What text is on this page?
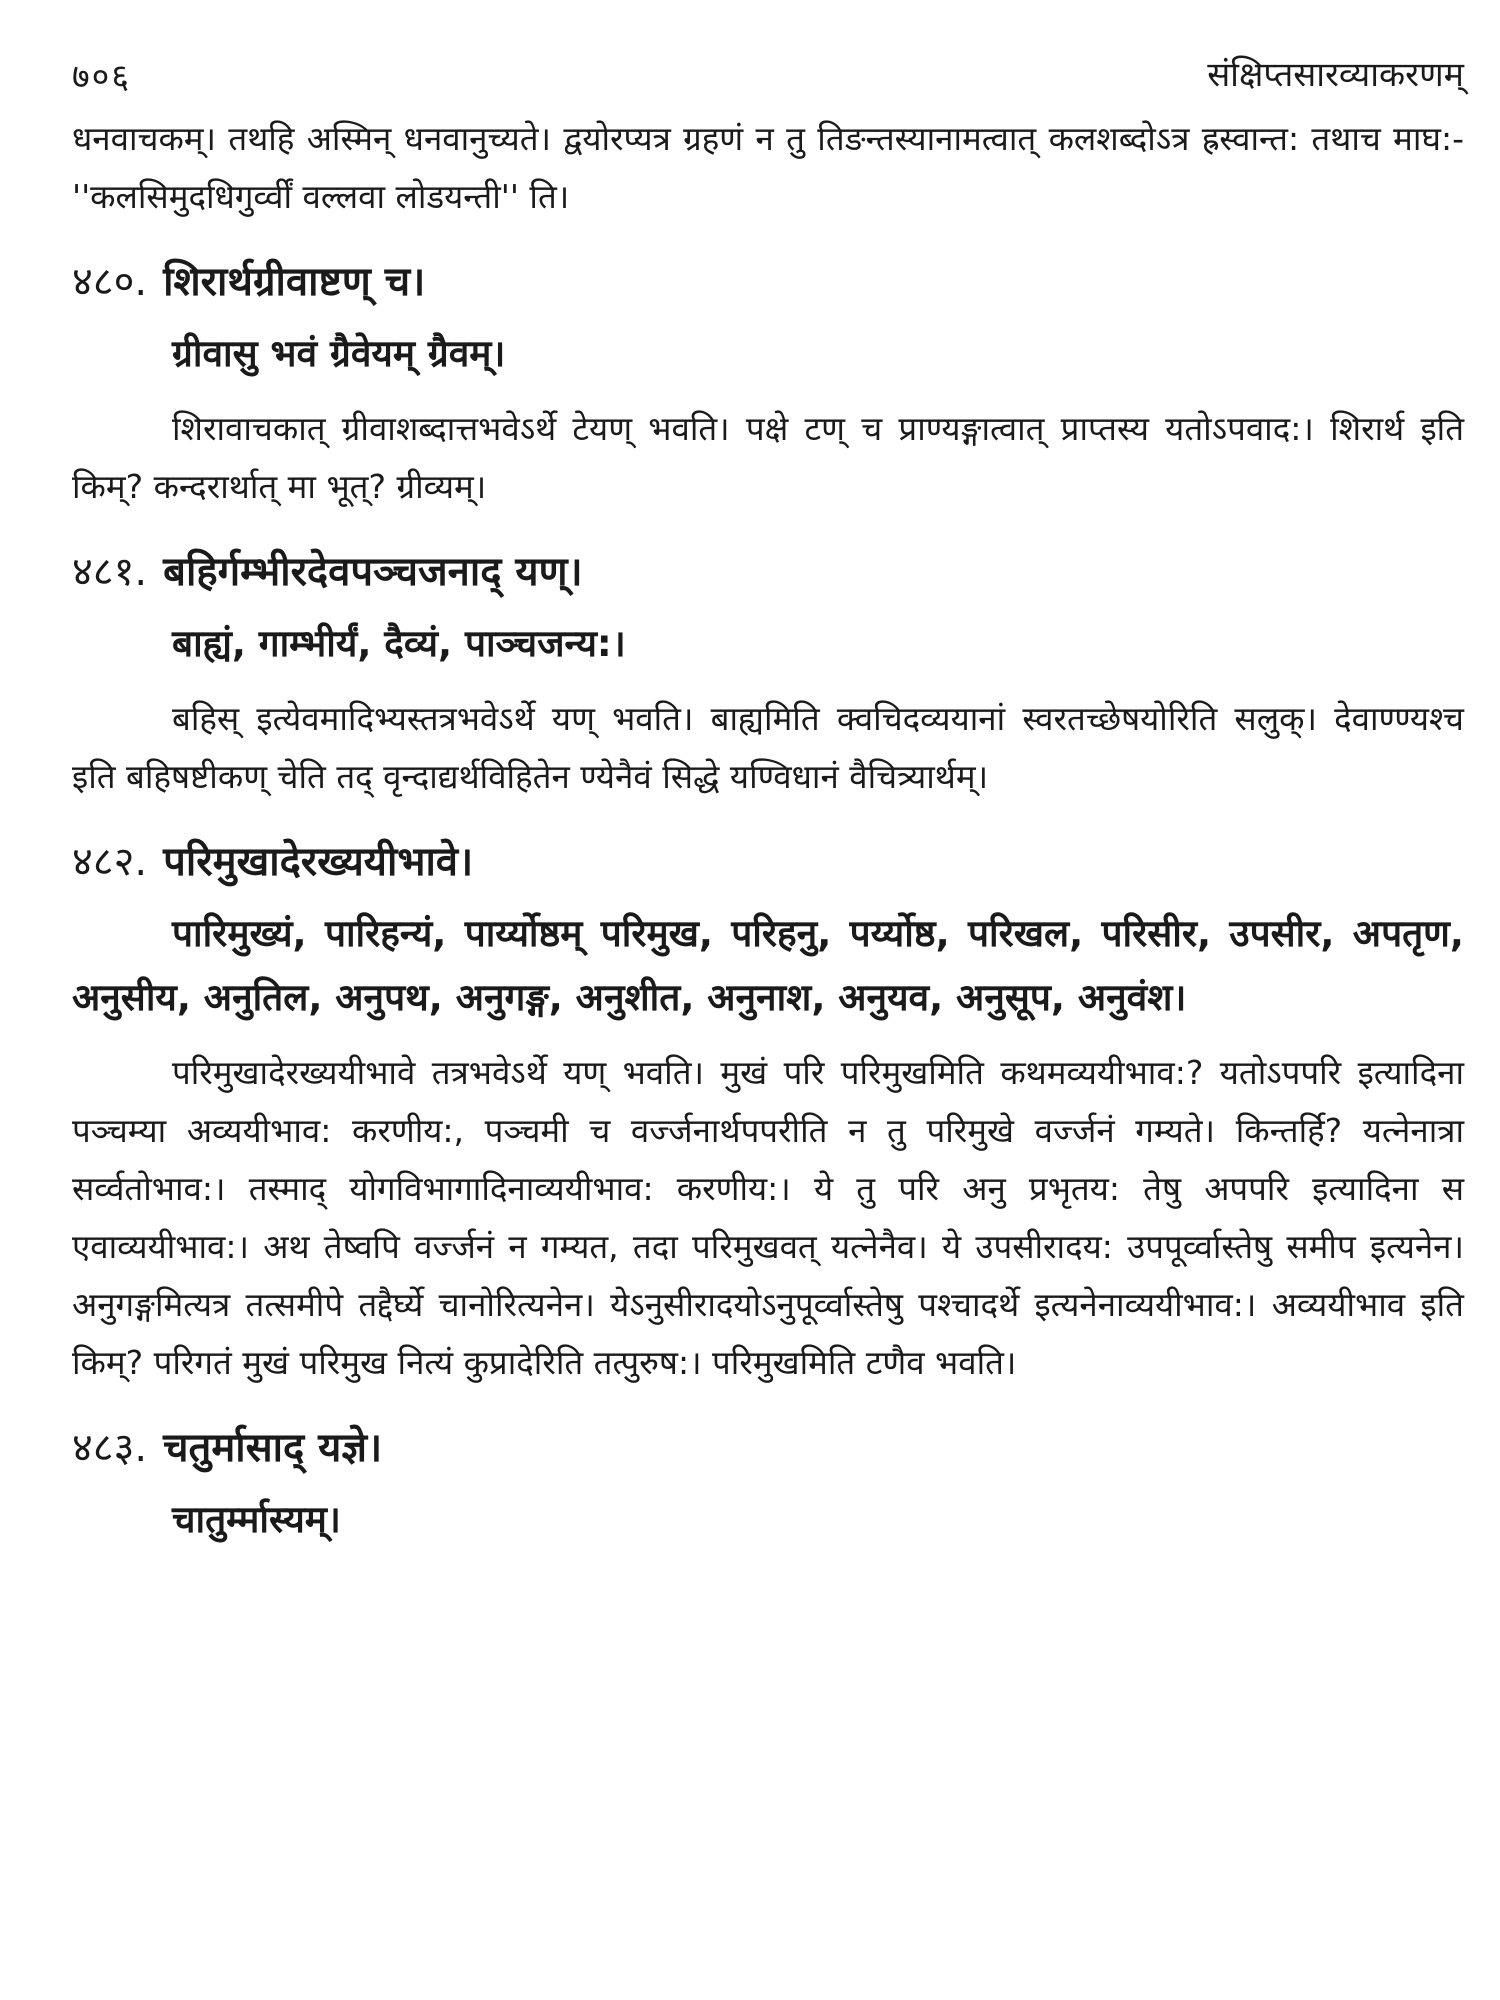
७०६	संक्षिप्तसारव्याकरणम्

धनवाचकम्। तथहि अस्मिन् धनवानुच्यते। द्वयोरप्यत्र ग्रहणं न तु तिङन्तस्यानामत्वात् कलशब्दोऽत्र ह्रस्वान्त: तथाच माघ:-''कलसिमुदधिगुर्व्वीं वल्लवा लोडयन्ती'' ति।

४८०. शिरार्थग्रीवाष्टण् च।

ग्रीवासु भवं ग्रैवेयम् ग्रैवम्।

शिरावाचकात् ग्रीवाशब्दात्तभवेऽर्थे टेयण् भवति। पक्षे टण् च प्राण्यङ्गात्वात् प्राप्तस्य यतोऽपवाद:। शिरार्थ इति किम्? कन्दरार्थात् मा भूत्? ग्रीव्यम्।

४८१. बहिर्गम्भीरदेवपञ्चजनाद् यण्।

बाह्यं, गाम्भीर्यं, दैव्यं, पाञ्चजन्य:।

बहिस् इत्येवमादिभ्यस्तत्रभवेऽर्थे यण् भवति। बाह्यमिति क्वचिदव्ययानां स्वरतच्छेषयोरिति सलुक्। देवाण्ण्यश्च इति बहिषष्टीकण् चेति तद् वृन्दाद्यर्थविहितेन ण्येनैवं सिद्धे यण्विधानं वैचित्र्यार्थम्।

४८२. परिमुखादेरख्ययीभावे।

पारिमुख्यं, पारिहन्यं, पार्य्योष्ठम् परिमुख, परिहनु, पर्य्योष्ठ, परिखल, परिसीर, उपसीर, अपतृण, अनुसीय, अनुतिल, अनुपथ, अनुगङ्ग, अनुशीत, अनुनाश, अनुयव, अनुसूप, अनुवंश।

परिमुखादेरख्ययीभावे तत्रभवेऽर्थे यण् भवति। मुखं परि परिमुखमिति कथमव्ययीभाव:? यतोऽपपरि इत्यादिना पञ्चम्या अव्ययीभाव: करणीय:, पञ्चमी च वर्ज्जनार्थपपरीति न तु परिमुखे वर्ज्जनं गम्यते। किन्तर्हि? यत्नेनात्रा सर्व्वतोभाव:। तस्माद् योगविभागादिनाव्ययीभाव: करणीय:। ये तु परि अनु प्रभृतय: तेषु अपपरि इत्यादिना स एवाव्ययीभाव:। अथ तेष्वपि वर्ज्जनं न गम्यत, तदा परिमुखवत् यत्नेनैव। ये उपसीरादय: उपपूर्व्वास्तेषु समीप इत्यनेन। अनुगङ्गमित्यत्र तत्समीपे तद्दैर्घ्ये चानोरित्यनेन। येऽनुसीरादयोऽनुपूर्व्वास्तेषु पश्चादर्थे इत्यनेनाव्ययीभाव:। अव्ययीभाव इति किम्? परिगतं मुखं परिमुख नित्यं कुप्रादेरिति तत्पुरुष:। परिमुखमिति टणैव भवति।

४८३. चतुर्मासाद् यज्ञे।

चातुर्म्मास्यम्।
